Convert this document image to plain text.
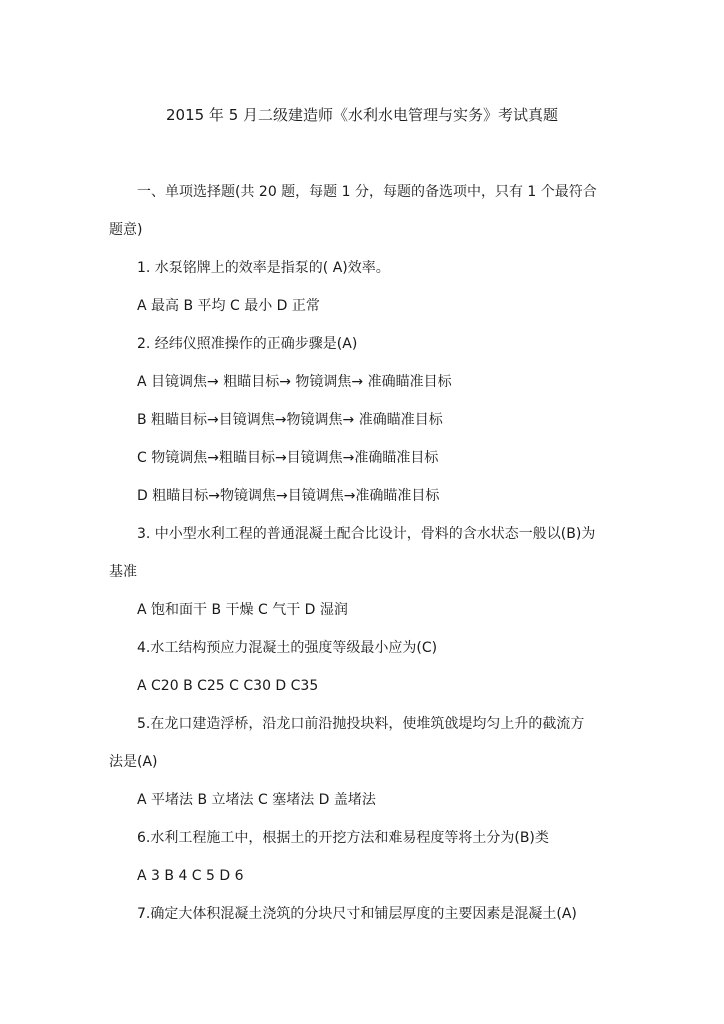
2015 年 5 月二级建造师《水利水电管理与实务》考试真题
一、单项选择题(共 20 题，每题 1 分，每题的备选项中，只有 1 个最符合
题意)
1. 水泵铭牌上的效率是指泵的( A)效率。
A 最高 B 平均 C 最小 D 正常
2. 经纬仪照准操作的正确步骤是(A)
A 目镜调焦→ 粗瞄目标→ 物镜调焦→ 准确瞄准目标
B 粗瞄目标→目镜调焦→物镜调焦→ 准确瞄准目标
C 物镜调焦→粗瞄目标→目镜调焦→准确瞄准目标
D 粗瞄目标→物镜调焦→目镜调焦→准确瞄准目标
3. 中小型水利工程的普通混凝土配合比设计，骨料的含水状态一般以(B)为
基准
A 饱和面干 B 干燥 C 气干 D 湿润
4.水工结构预应力混凝土的强度等级最小应为(C)
A C20 B C25 C C30 D C35
5.在龙口建造浮桥，沿龙口前沿抛投块料，使堆筑戗堤均匀上升的截流方
法是(A)
A 平堵法 B 立堵法 C 塞堵法 D 盖堵法
6.水利工程施工中，根据土的开挖方法和难易程度等将土分为(B)类
A 3 B 4 C 5 D 6
7.确定大体积混凝土浇筑的分块尺寸和铺层厚度的主要因素是混凝土(A)
